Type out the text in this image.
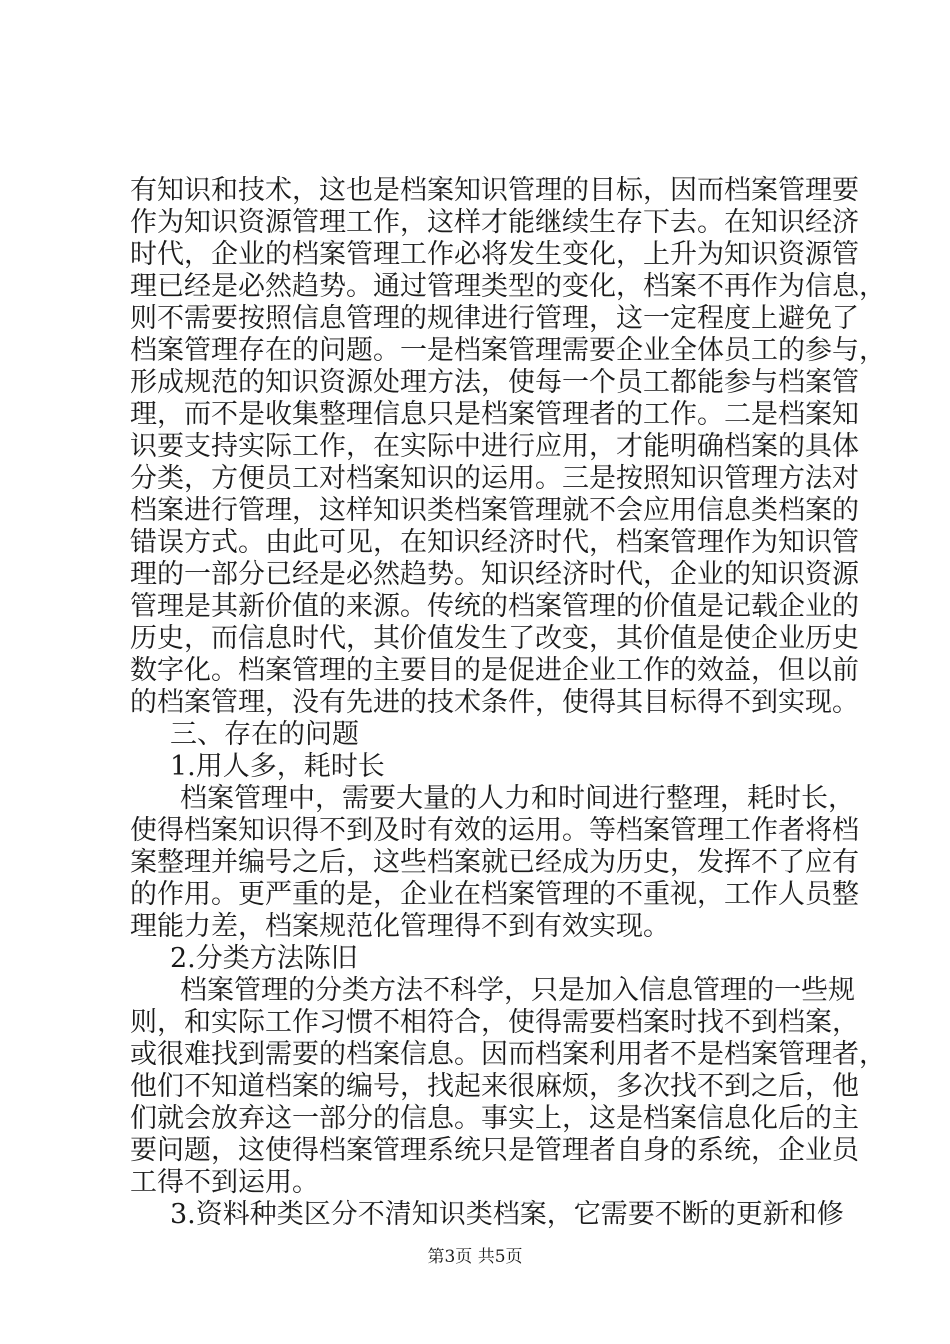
有知识和技术，这也是档案知识管理的目标，因而档案管理要
作为知识资源管理工作，这样才能继续生存下去。在知识经济
时代，企业的档案管理工作必将发生变化，上升为知识资源管
理已经是必然趋势。通过管理类型的变化，档案不再作为信息，
则不需要按照信息管理的规律进行管理，这一定程度上避免了
档案管理存在的问题。一是档案管理需要企业全体员工的参与，
形成规范的知识资源处理方法，使每一个员工都能参与档案管
理，而不是收集整理信息只是档案管理者的工作。二是档案知
识要支持实际工作，在实际中进行应用，才能明确档案的具体
分类，方便员工对档案知识的运用。三是按照知识管理方法对
档案进行管理，这样知识类档案管理就不会应用信息类档案的
错误方式。由此可见，在知识经济时代，档案管理作为知识管
理的一部分已经是必然趋势。知识经济时代，企业的知识资源
管理是其新价值的来源。传统的档案管理的价值是记载企业的
历史，而信息时代，其价值发生了改变，其价值是使企业历史
数字化。档案管理的主要目的是促进企业工作的效益，但以前
的档案管理，没有先进的技术条件，使得其目标得不到实现。
三、存在的问题
1.用人多，耗时长
档案管理中，需要大量的人力和时间进行整理，耗时长，
使得档案知识得不到及时有效的运用。等档案管理工作者将档
案整理并编号之后，这些档案就已经成为历史，发挥不了应有
的作用。更严重的是，企业在档案管理的不重视，工作人员整
理能力差，档案规范化管理得不到有效实现。
2.分类方法陈旧
档案管理的分类方法不科学，只是加入信息管理的一些规
则，和实际工作习惯不相符合，使得需要档案时找不到档案，
或很难找到需要的档案信息。因而档案利用者不是档案管理者，
他们不知道档案的编号，找起来很麻烦，多次找不到之后，他
们就会放弃这一部分的信息。事实上，这是档案信息化后的主
要问题，这使得档案管理系统只是管理者自身的系统，企业员
工得不到运用。
3.资料种类区分不清知识类档案，它需要不断的更新和修
第3页 共5页
